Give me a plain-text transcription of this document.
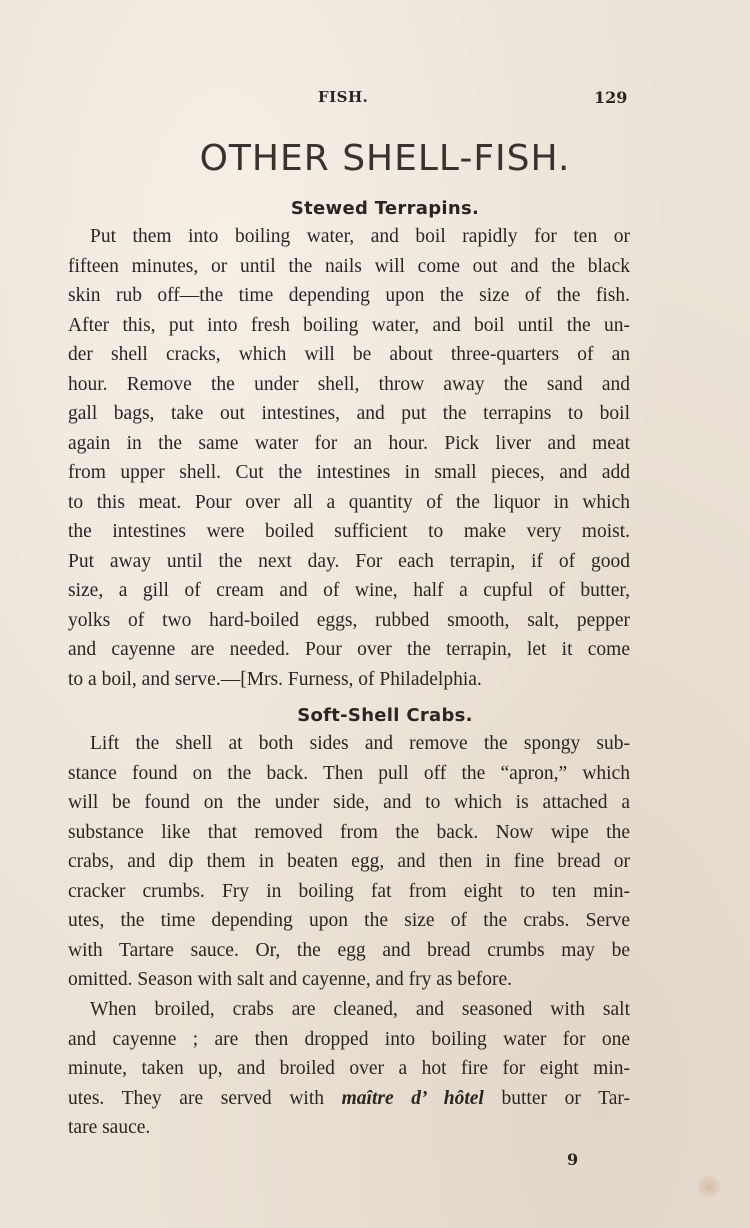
FISH.	129
OTHER SHELL-FISH.
Stewed Terrapins.
Put them into boiling water, and boil rapidly for ten or
fifteen minutes, or until the nails will come out and the black
skin rub off—the time depending upon the size of the fish.
After this, put into fresh boiling water, and boil until the un-
der shell cracks, which will be about three-quarters of an
hour. Remove the under shell, throw away the sand and
gall bags, take out intestines, and put the terrapins to boil
again in the same water for an hour. Pick liver and meat
from upper shell. Cut the intestines in small pieces, and add
to this meat. Pour over all a quantity of the liquor in which
the intestines were boiled sufficient to make very moist.
Put away until the next day. For each terrapin, if of good
size, a gill of cream and of wine, half a cupful of butter,
yolks of two hard-boiled eggs, rubbed smooth, salt, pepper
and cayenne are needed. Pour over the terrapin, let it come
to a boil, and serve.—[Mrs. Furness, of Philadelphia.
Soft-Shell Crabs.
Lift the shell at both sides and remove the spongy sub-
stance found on the back. Then pull off the “apron,” which
will be found on the under side, and to which is attached a
substance like that removed from the back. Now wipe the
crabs, and dip them in beaten egg, and then in fine bread or
cracker crumbs. Fry in boiling fat from eight to ten min-
utes, the time depending upon the size of the crabs. Serve
with Tartare sauce. Or, the egg and bread crumbs may be
omitted. Season with salt and cayenne, and fry as before.
When broiled, crabs are cleaned, and seasoned with salt
and cayenne ; are then dropped into boiling water for one
minute, taken up, and broiled over a hot fire for eight min-
utes. They are served with maître d’ hôtel butter or Tar-
tare sauce.
9
